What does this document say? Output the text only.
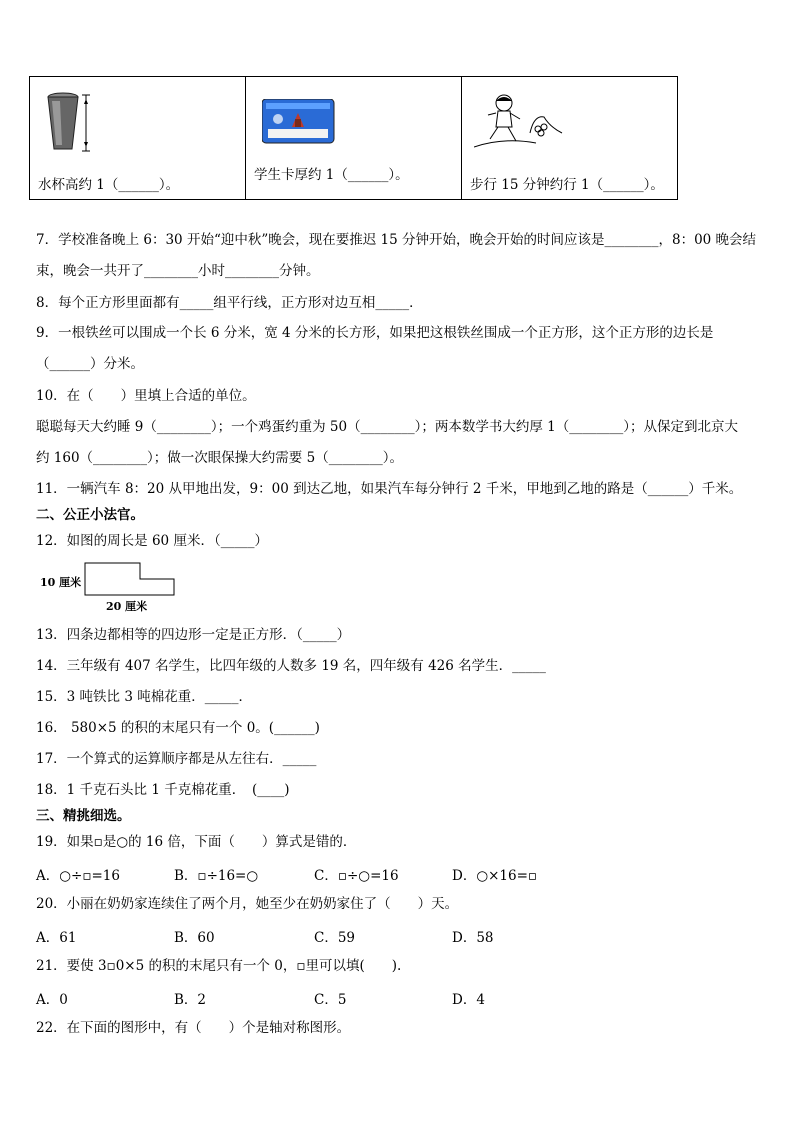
水杯高约 1（______）。

学生卡厚约 1（______）。

步行 15 分钟约行 1（______）。
7．学校准备晚上 6：30 开始“迎中秋”晚会，现在要推迟 15 分钟开始，晚会开始的时间应该是________，8：00 晚会结
束，晚会一共开了________小时________分钟。
8．每个正方形里面都有_____组平行线，正方形对边互相_____．
9．一根铁丝可以围成一个长 6 分米，宽 4 分米的长方形，如果把这根铁丝围成一个正方形，这个正方形的边长是
（______）分米。
10．在（　　）里填上合适的单位。
聪聪每天大约睡 9（________）；一个鸡蛋约重为 50（________）；两本数学书大约厚 1（________）；从保定到北京大
约 160（________）；做一次眼保操大约需要 5（________）。
11．一辆汽车 8：20 从甲地出发，9：00 到达乙地，如果汽车每分钟行 2 千米，甲地到乙地的路是（______）千米。
二、公正小法官。
12．如图的周长是 60 厘米．（_____）
10 厘米
20 厘米
13．四条边都相等的四边形一定是正方形．（_____）
14．三年级有 407 名学生，比四年级的人数多 19 名，四年级有 426 名学生．_____
15．3 吨铁比 3 吨棉花重．_____．
16． 580×5 的积的末尾只有一个 0。(______)
17．一个算式的运算顺序都是从左往右．_____
18．1 千克石头比 1 千克棉花重．　(____)
三、精挑细选。
19．如果▫是○的 16 倍，下面（　　）算式是错的．
A．○÷▫=16	B．▫÷16=○	C．▫÷○=16	D．○×16=▫
20．小丽在奶奶家连续住了两个月，她至少在奶奶家住了（　　）天。
A．61	B．60	C．59	D．58
21．要使 3▫0×5 的积的末尾只有一个 0，▫里可以填(　　).
A．0	B．2	C．5	D．4
22．在下面的图形中，有（　　）个是轴对称图形。
